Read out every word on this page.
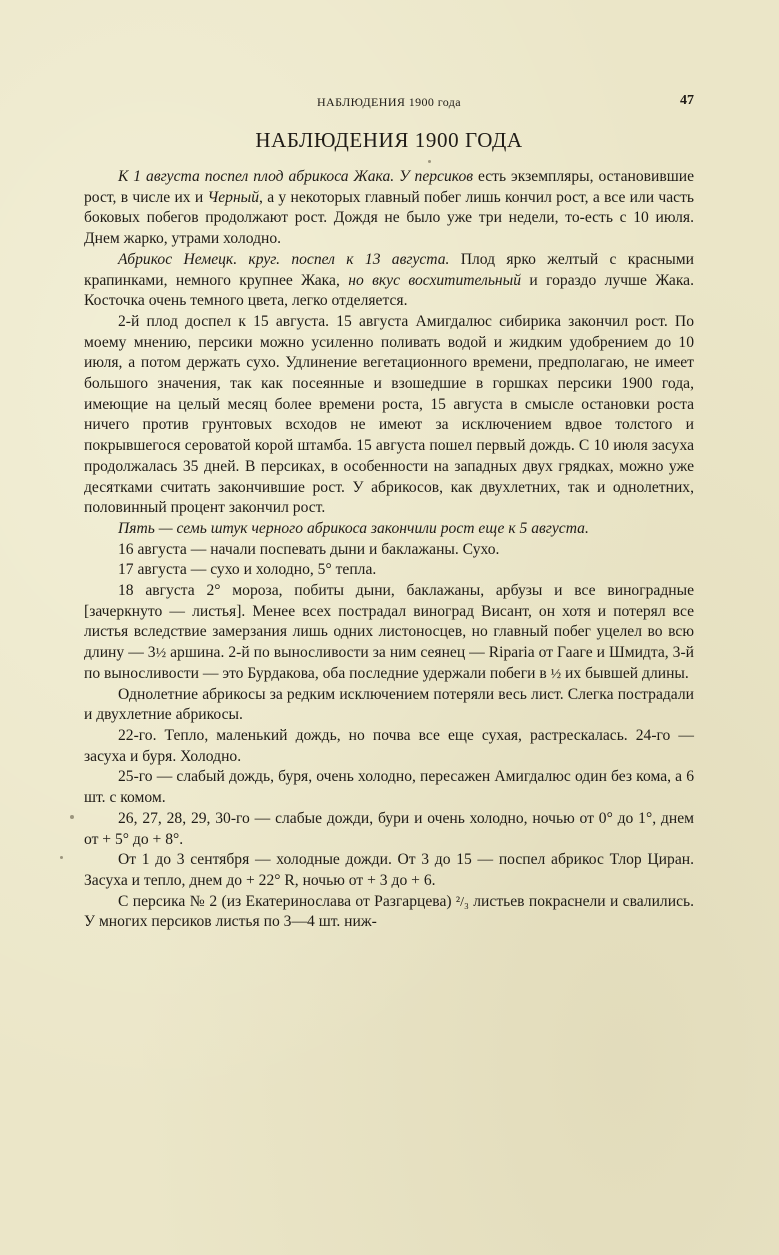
НАБЛЮДЕНИЯ 1900 года	47
НАБЛЮДЕНИЯ 1900 ГОДА

К 1 августа поспел плод абрикоса Жака. У персиков есть экземпляры, остановившие рост, в числе их и Черный, а у некоторых главный побег лишь кончил рост, а все или часть боковых побегов продолжают рост. Дождя не было уже три недели, то-есть с 10 июля. Днем жарко, утрами холодно.

Абрикос Немецк. круг. поспел к 13 августа. Плод ярко желтый с красными крапинками, немного крупнее Жака, но вкус восхитительный и гораздо лучше Жака. Косточка очень темного цвета, легко отделяется.

2-й плод доспел к 15 августа. 15 августа Амигдалюс сибирика закончил рост. По моему мнению, персики можно усиленно поливать водой и жидким удобрением до 10 июля, а потом держать сухо. Удлинение вегетационного времени, предполагаю, не имеет большого значения, так как посеянные и взошедшие в горшках персики 1900 года, имеющие на целый месяц более времени роста, 15 августа в смысле остановки роста ничего против грунтовых всходов не имеют за исключением вдвое толстого и покрывшегося сероватой корой штамба. 15 августа пошел первый дождь. С 10 июля засуха продолжалась 35 дней. В персиках, в особенности на западных двух грядках, можно уже десятками считать закончившие рост. У абрикосов, как двухлетних, так и однолетних, половинный процент закончил рост.

Пять — семь штук черного абрикоса закончили рост еще к 5 августа.

16 августа — начали поспевать дыни и баклажаны. Сухо.

17 августа — сухо и холодно, 5° тепла.

18 августа 2° мороза, побиты дыни, баклажаны, арбузы и все виноградные [зачеркнуто — листья]. Менее всех пострадал виноград Висант, он хотя и потерял все листья вследствие замерзания лишь одних листоносцев, но главный побег уцелел во всю длину — 3½ аршина. 2-й по выносливости за ним сеянец — Riparia от Гааге и Шмидта, 3-й по выносливости — это Бурдакова, оба последние удержали побеги в ½ их бывшей длины.

Однолетние абрикосы за редким исключением потеряли весь лист. Слегка пострадали и двухлетние абрикосы.

22-го. Тепло, маленький дождь, но почва все еще сухая, растрескалась. 24-го — засуха и буря. Холодно.

25-го — слабый дождь, буря, очень холодно, пересажен Амигдалюс один без кома, а 6 шт. с комом.

26, 27, 28, 29, 30-го — слабые дожди, бури и очень холодно, ночью от 0° до 1°, днем от + 5° до + 8°.

От 1 до 3 сентября — холодные дожди. От 3 до 15 — поспел абрикос Тлор Циран. Засуха и тепло, днем до + 22° R, ночью от + 3 до + 6.

С персика № 2 (из Екатеринослава от Разгарцева) ²/₃ листьев покраснели и свалились. У многих персиков листья по 3—4 шт. ниж-
